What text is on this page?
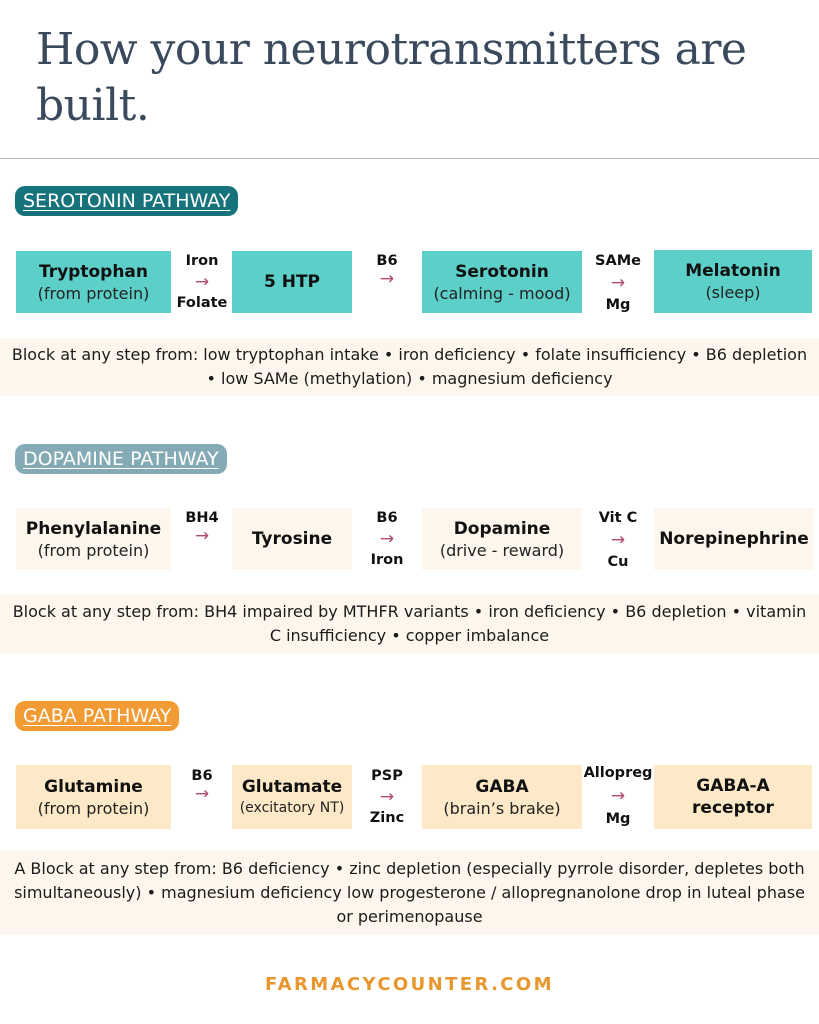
How your neurotransmitters are built.
SEROTONIN PATHWAY
Tryptophan
(from protein)
Iron
→
Folate
5 HTP
B6
→	Serotonin
(calming - mood)
SAMe
→
Mg
Melatonin
(sleep)
Block at any step from: low tryptophan intake • iron deficiency • folate insufficiency • B6 depletion • low SAMe (methylation) • magnesium deficiency
DOPAMINE PATHWAY
Phenylalanine
(from protein)
BH4
→	Tyrosine
B6
→
Iron
Dopamine
(drive - reward)
Vit C
→
Cu
Norepinephrine
Block at any step from: BH4 impaired by MTHFR variants • iron deficiency • B6 depletion • vitamin C insufficiency • copper imbalance
GABA PATHWAY
Glutamine
(from protein)
B6
→ Glutamate
(excitatory NT)
PSP
→
Zinc
GABA
(brain’s brake)
Allopreg
→
Mg
GABA-A receptor
A Block at any step from: B6 deficiency • zinc depletion (especially pyrrole disorder, depletes both simultaneously) • magnesium deficiency low progesterone / allopregnanolone drop in luteal phase or perimenopause
FARMACYCOUNTER.COM
